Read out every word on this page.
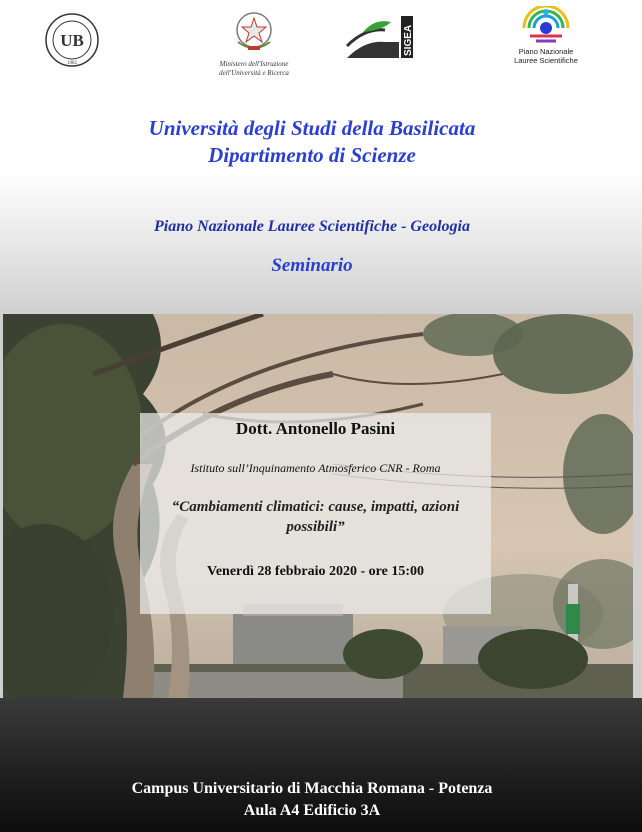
UB
1982	Ministero dell'Istruzione
dell'Università e Ricerca
SIGEA	Piano Nazionale
Lauree Scientifiche
Università degli Studi della Basilicata
Dipartimento di Scienze
Piano Nazionale Lauree Scientifiche - Geologia
Seminario
Dott. Antonello Pasini
Istituto sull’Inquinamento Atmosferico CNR - Roma
“Cambiamenti climatici: cause, impatti, azioni possibili”
Venerdì 28 febbraio 2020 - ore 15:00
Campus Universitario di Macchia Romana - Potenza
Aula A4 Edificio 3A
